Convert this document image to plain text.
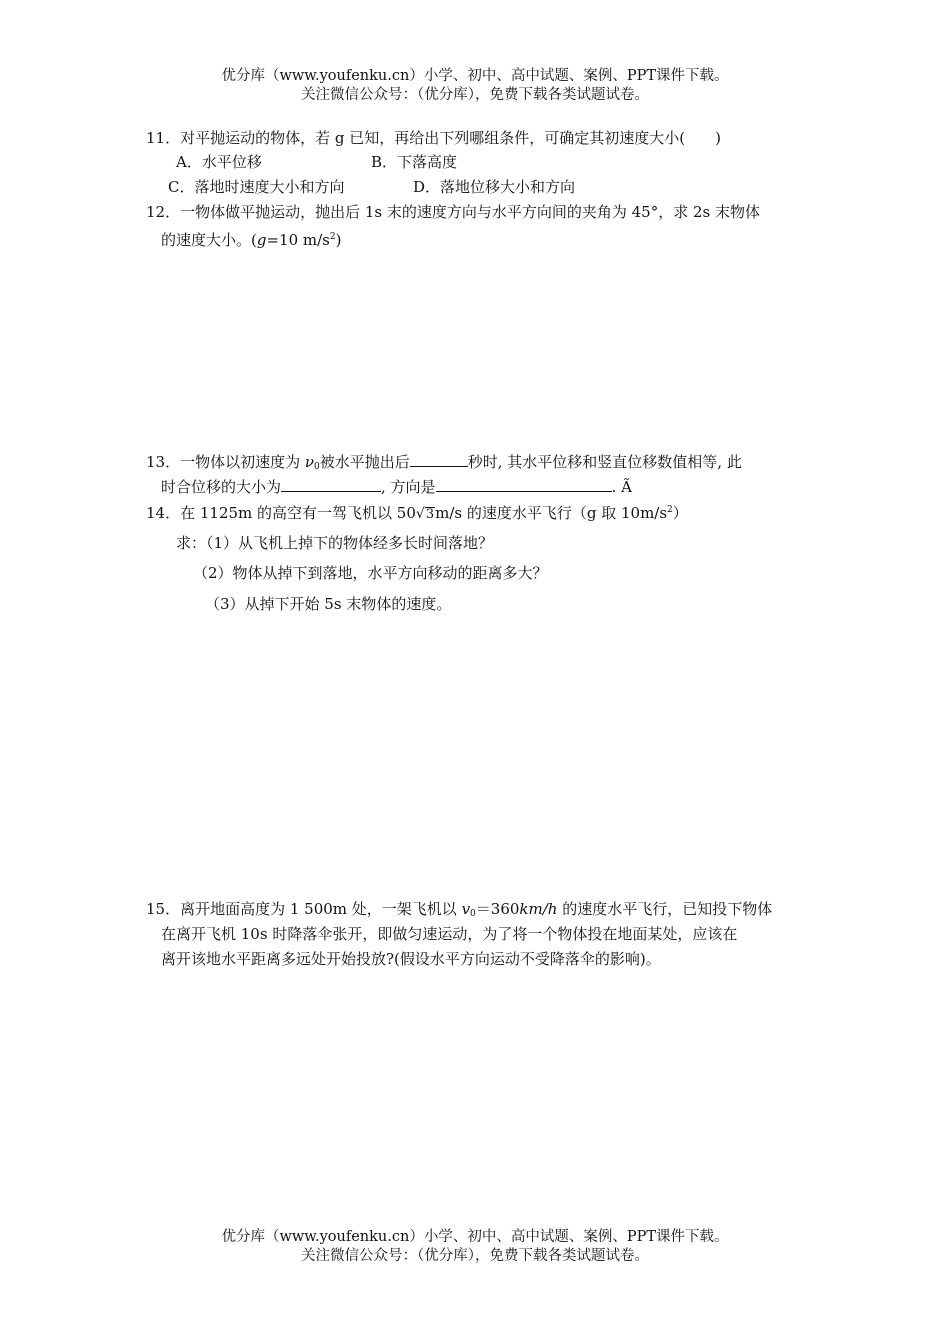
优分库（www.youfenku.cn）小学、初中、高中试题、案例、PPT课件下载。
关注微信公众号：（优分库），免费下载各类试题试卷。
11．对平抛运动的物体，若 g 已知，再给出下列哪组条件，可确定其初速度大小(　　)
A．水平位移	B．下落高度
C．落地时速度大小和方向	D．落地位移大小和方向
12．一物体做平抛运动，抛出后 1s 末的速度方向与水平方向间的夹角为 45°，求 2s 末物体
的速度大小。(g=10 $m/s^2$)
13．一物体以初速度为 $\nu_0$被水平抛出后	秒时, 其水平位移和竖直位移数值相等, 此
时合位移的大小为	, 方向是	. Ã
14．在 1125m 的高空有一驾飞机以 50√3m/s 的速度水平飞行（g 取 $10m/s^2$）
求：（1）从飞机上掉下的物体经多长时间落地？
（2）物体从掉下到落地，水平方向移动的距离多大？
（3）从掉下开始 5s 末物体的速度。
15．离开地面高度为 1 500m 处，一架飞机以 $v_0=360km/h$ 的速度水平飞行，已知投下物体
在离开飞机 10s 时降落伞张开，即做匀速运动，为了将一个物体投在地面某处，应该在
离开该地水平距离多远处开始投放?(假设水平方向运动不受降落伞的影响)。
优分库（www.youfenku.cn）小学、初中、高中试题、案例、PPT课件下载。
关注微信公众号：（优分库），免费下载各类试题试卷。
